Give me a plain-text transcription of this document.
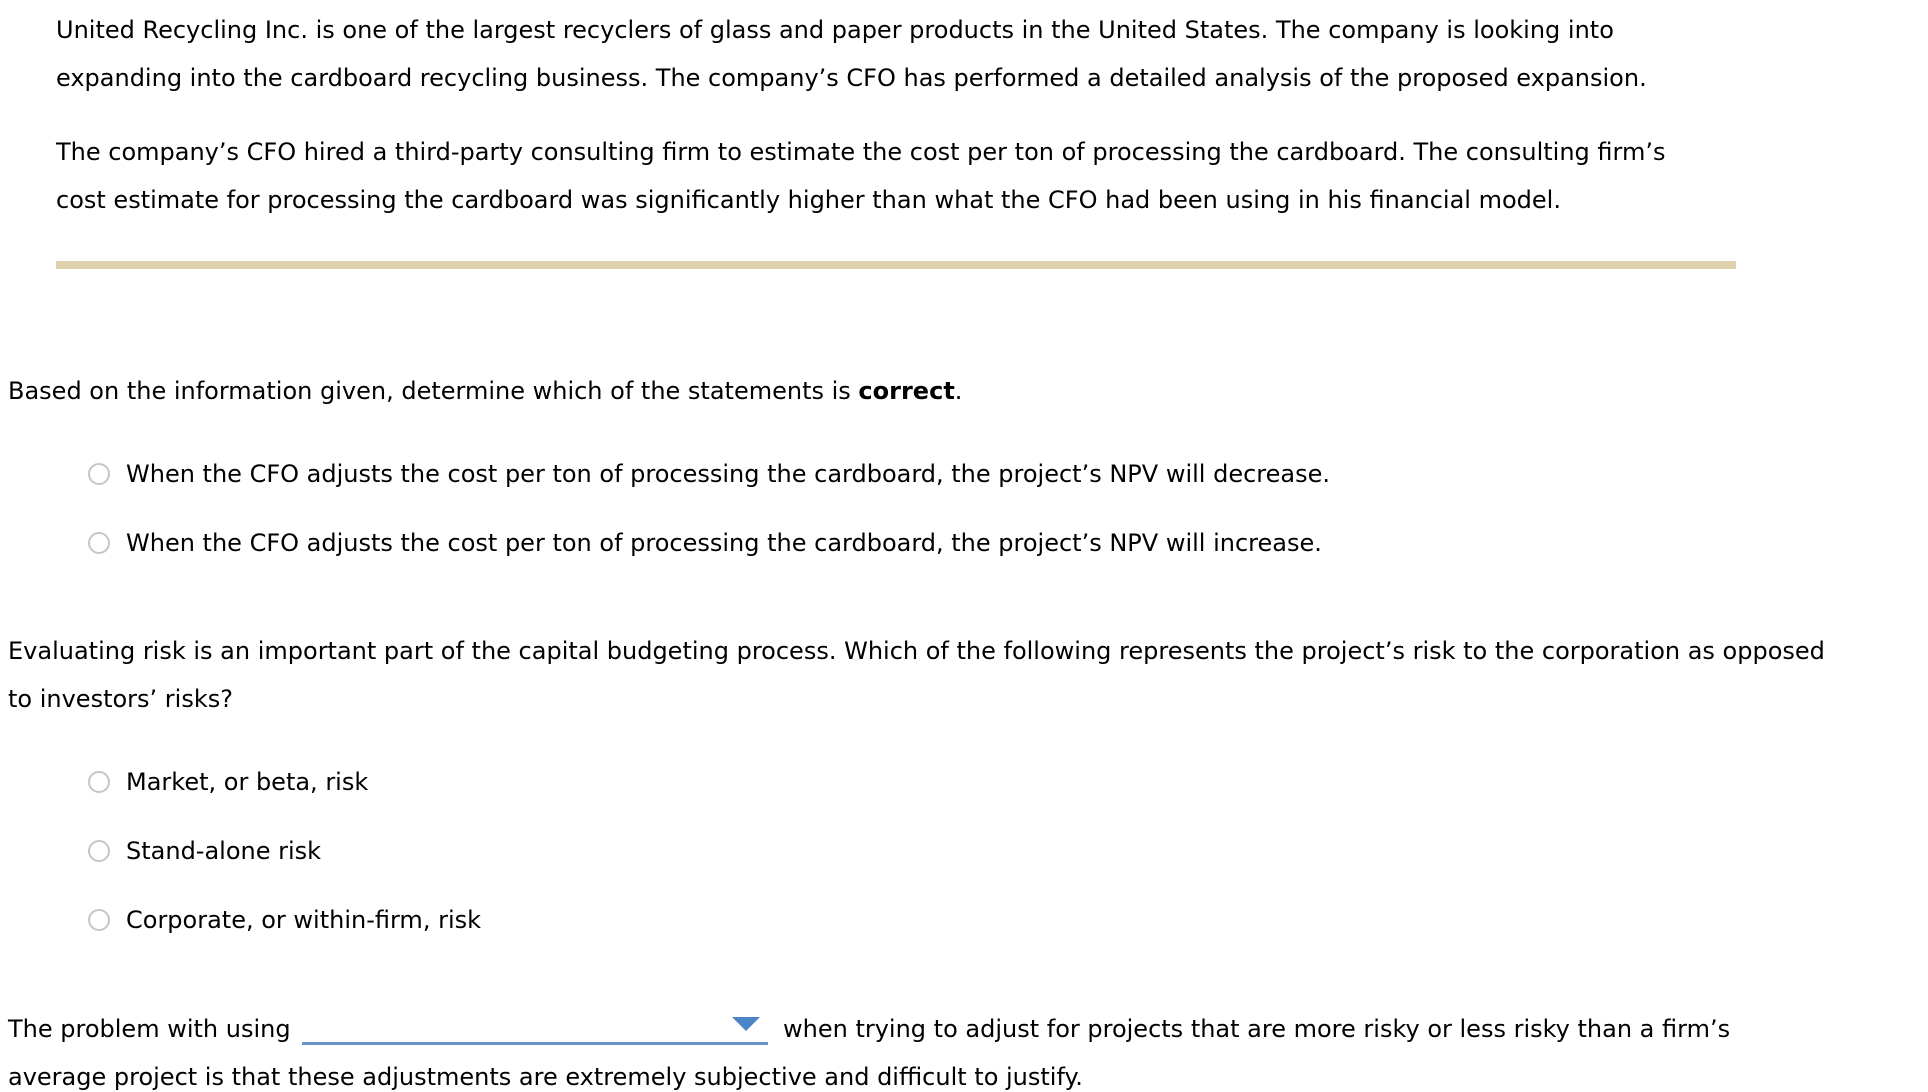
United Recycling Inc. is one of the largest recyclers of glass and paper products in the United States. The company is looking into
expanding into the cardboard recycling business. The company’s CFO has performed a detailed analysis of the proposed expansion.
The company’s CFO hired a third-party consulting firm to estimate the cost per ton of processing the cardboard. The consulting firm’s
cost estimate for processing the cardboard was significantly higher than what the CFO had been using in his financial model.
Based on the information given, determine which of the statements is correct.
When the CFO adjusts the cost per ton of processing the cardboard, the project’s NPV will decrease.
When the CFO adjusts the cost per ton of processing the cardboard, the project’s NPV will increase.
Evaluating risk is an important part of the capital budgeting process. Which of the following represents the project’s risk to the corporation as opposed
to investors’ risks?
Market, or beta, risk
Stand-alone risk
Corporate, or within-firm, risk
The problem with using	when trying to adjust for projects that are more risky or less risky than a firm’s
average project is that these adjustments are extremely subjective and difficult to justify.
